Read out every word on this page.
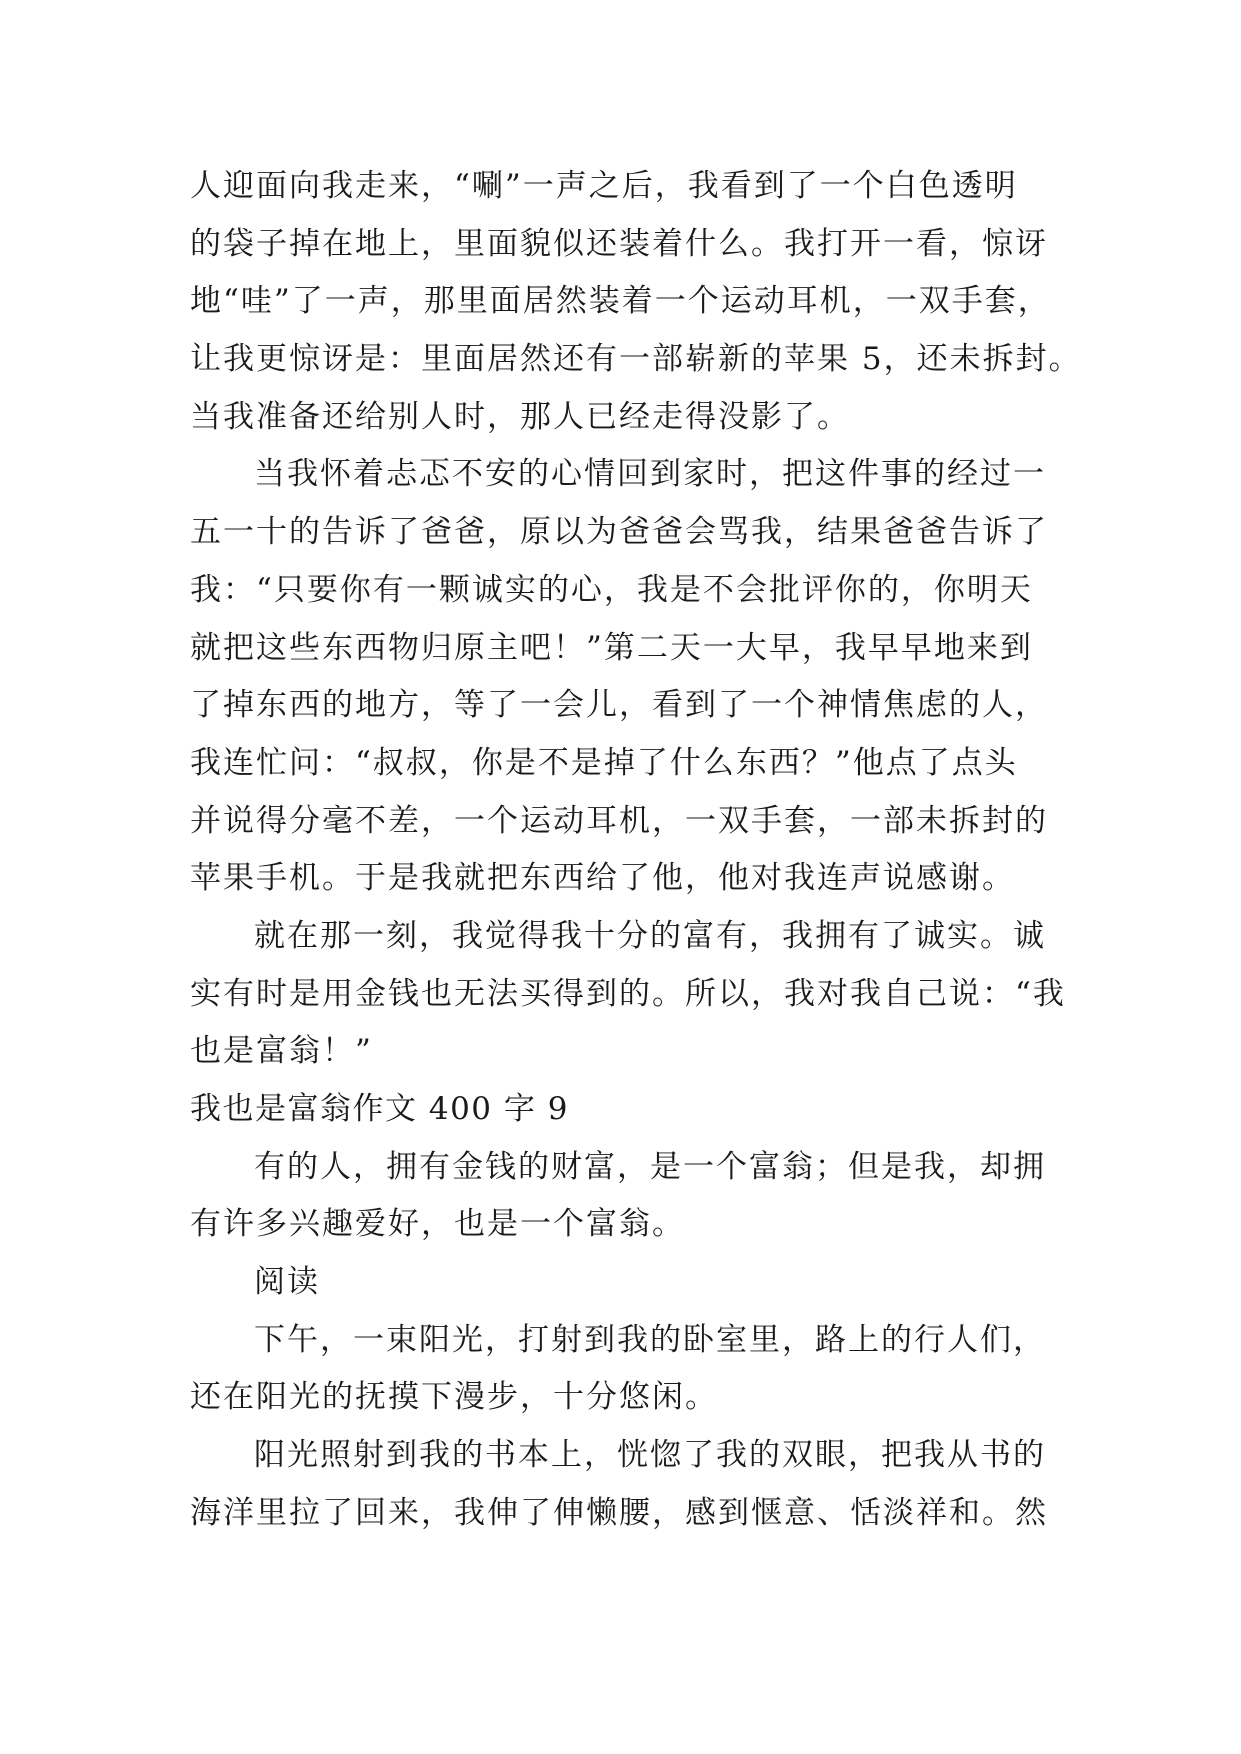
人迎面向我走来，“唰”一声之后，我看到了一个白色透明
的袋子掉在地上，里面貌似还装着什么。我打开一看，惊讶
地“哇”了一声，那里面居然装着一个运动耳机，一双手套，
让我更惊讶是：里面居然还有一部崭新的苹果 5，还未拆封。
当我准备还给别人时，那人已经走得没影了。
当我怀着忐忑不安的心情回到家时，把这件事的经过一
五一十的告诉了爸爸，原以为爸爸会骂我，结果爸爸告诉了
我：“只要你有一颗诚实的心，我是不会批评你的，你明天
就把这些东西物归原主吧！”第二天一大早，我早早地来到
了掉东西的地方，等了一会儿，看到了一个神情焦虑的人，
我连忙问：“叔叔，你是不是掉了什么东西？”他点了点头
并说得分毫不差，一个运动耳机，一双手套，一部未拆封的
苹果手机。于是我就把东西给了他，他对我连声说感谢。
就在那一刻，我觉得我十分的富有，我拥有了诚实。诚
实有时是用金钱也无法买得到的。所以，我对我自己说：“我
也是富翁！”
我也是富翁作文 400 字 9
有的人，拥有金钱的财富，是一个富翁；但是我，却拥
有许多兴趣爱好，也是一个富翁。
阅读
下午，一束阳光，打射到我的卧室里，路上的行人们，
还在阳光的抚摸下漫步，十分悠闲。
阳光照射到我的书本上，恍惚了我的双眼，把我从书的
海洋里拉了回来，我伸了伸懒腰，感到惬意、恬淡祥和。然
